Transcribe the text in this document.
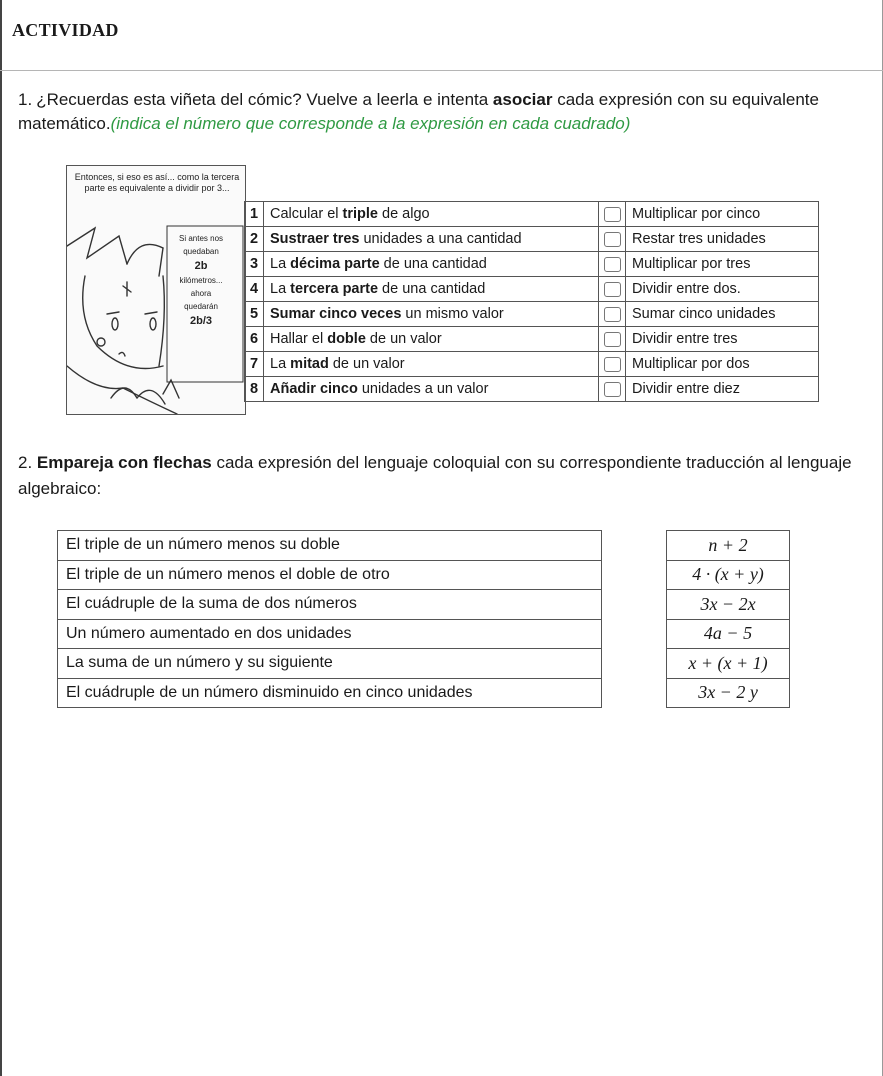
ACTIVIDAD
1. ¿Recuerdas esta viñeta del cómic? Vuelve a leerla e intenta asociar cada expresión con su equivalente matemático.(indica el número que corresponde a la expresión en cada cuadrado)
Entonces, si eso es así... como la tercera parte es equivalente a dividir por 3...
Si antes nos
quedaban
2b
kilómetros...
ahora
quedarán
2b/3
1	Calcular el triple de algo		Multiplicar por cinco
2	Sustraer tres unidades a una cantidad		Restar tres unidades
3	La décima parte de una cantidad		Multiplicar por tres
4	La tercera parte de una cantidad		Dividir entre dos.
5	Sumar cinco veces un mismo valor		Sumar cinco unidades
6	Hallar el doble de un valor		Dividir entre tres
7	La mitad de un valor		Multiplicar por dos
8	Añadir cinco unidades a un valor		Dividir entre diez
2. Empareja con flechas cada expresión del lenguaje coloquial con su correspondiente traducción al lenguaje algebraico:
El triple de un número menos su doble
El triple de un número menos el doble de otro
El cuádruple de la suma de dos números
Un número aumentado en dos unidades
La suma de un número y su siguiente
El cuádruple de un número disminuido en cinco unidades
n + 2
4 · (x + y)
3x − 2x
4a − 5
x + (x + 1)
3x − 2 y
